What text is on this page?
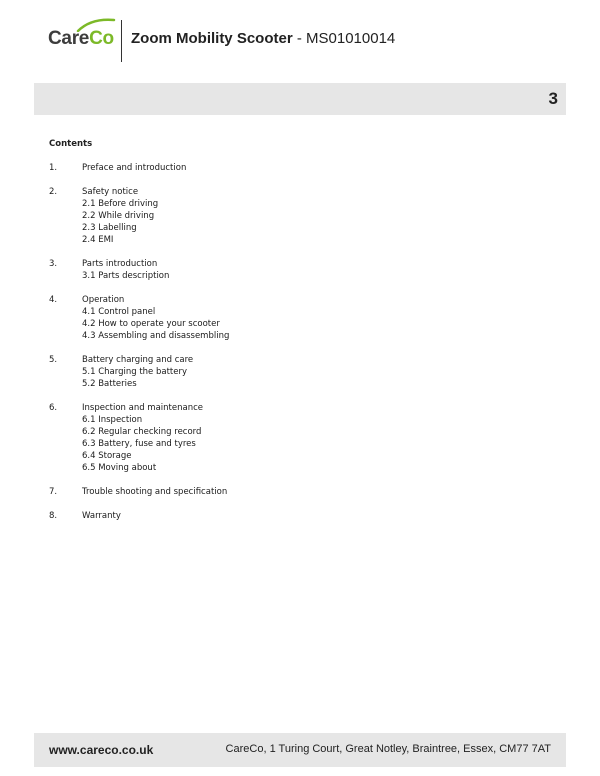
CareCo Zoom Mobility Scooter - MS01010014
3
Contents
1.	Preface and introduction
2.	Safety notice
2.1 Before driving
2.2 While driving
2.3 Labelling
2.4 EMI
3.	Parts introduction
3.1 Parts description
4.	Operation
4.1 Control panel
4.2 How to operate your scooter
4.3 Assembling and disassembling
5.	Battery charging and care
5.1 Charging the battery
5.2 Batteries
6.	Inspection and maintenance
6.1 Inspection
6.2 Regular checking record
6.3 Battery, fuse and tyres
6.4 Storage
6.5 Moving about
7.	Trouble shooting and specification
8.	Warranty
www.careco.co.uk	CareCo, 1 Turing Court, Great Notley, Braintree, Essex, CM77 7AT
